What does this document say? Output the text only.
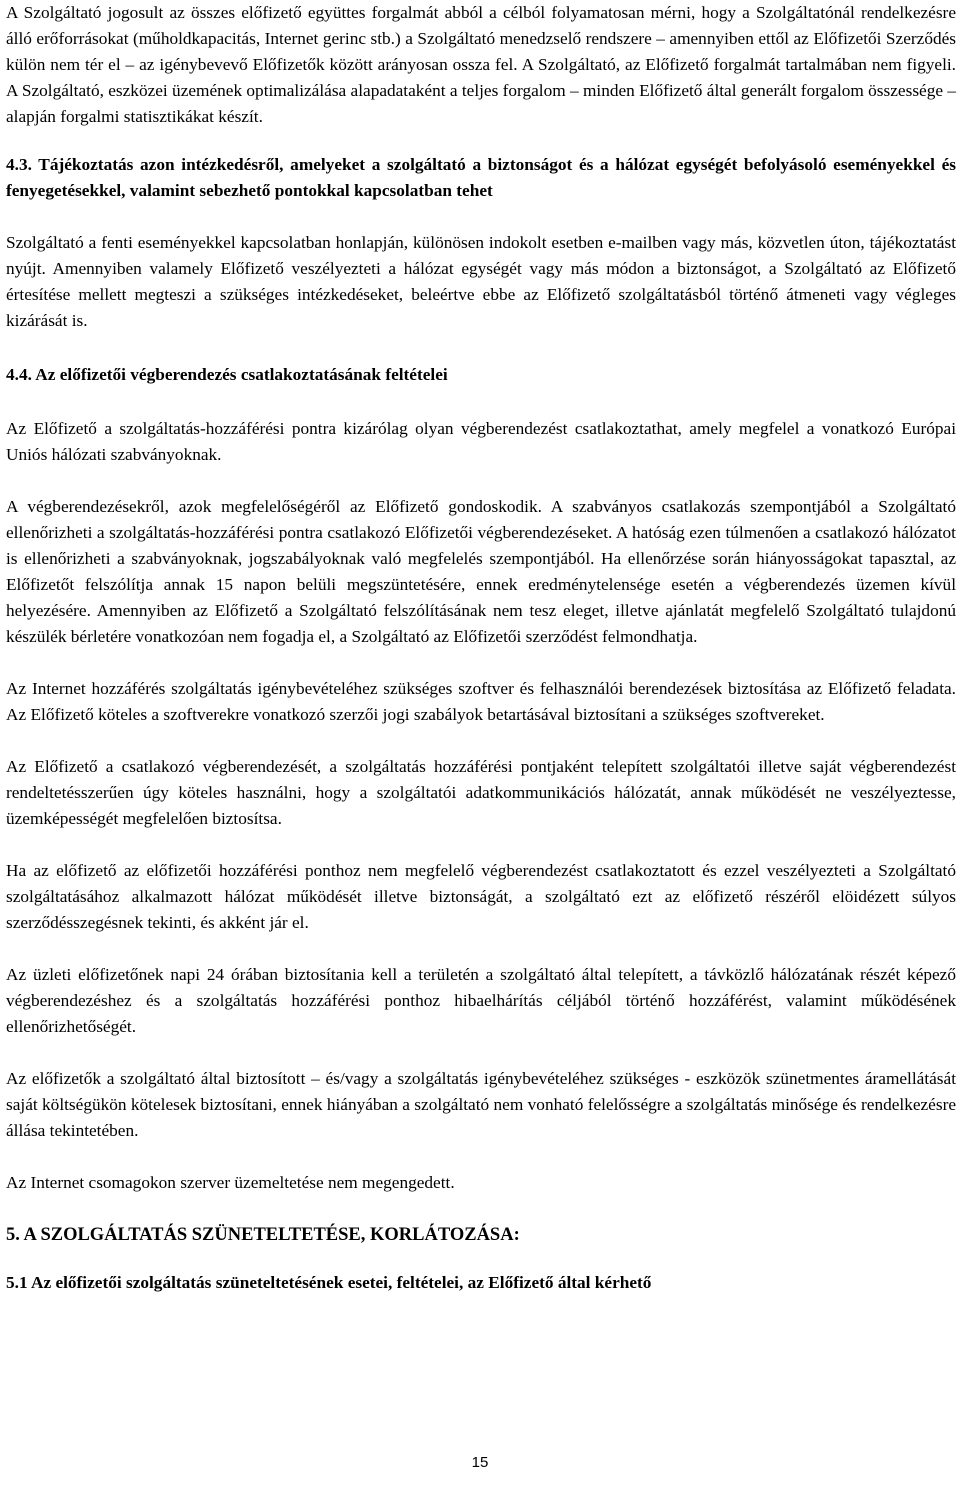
A Szolgáltató jogosult az összes előfizető együttes forgalmát abból a célból folyamatosan mérni, hogy a Szolgáltatónál rendelkezésre álló erőforrásokat (műholdkapacitás, Internet gerinc stb.) a Szolgáltató menedzselő rendszere – amennyiben ettől az Előfizetői Szerződés külön nem tér el – az igénybevevő Előfizetők között arányosan ossza fel. A Szolgáltató, az Előfizető forgalmát tartalmában nem figyeli. A Szolgáltató, eszközei üzemének optimalizálása alapadataként a teljes forgalom – minden Előfizető által generált forgalom összessége – alapján forgalmi statisztikákat készít.

4.3. Tájékoztatás azon intézkedésről, amelyeket a szolgáltató a biztonságot és a hálózat egységét befolyásoló eseményekkel és fenyegetésekkel, valamint sebezhető pontokkal kapcsolatban tehet

Szolgáltató a fenti eseményekkel kapcsolatban honlapján, különösen indokolt esetben e-mailben vagy más, közvetlen úton, tájékoztatást nyújt. Amennyiben valamely Előfizető veszélyezteti a hálózat egységét vagy más módon a biztonságot, a Szolgáltató az Előfizető értesítése mellett megteszi a szükséges intézkedéseket, beleértve ebbe az Előfizető szolgáltatásból történő átmeneti vagy végleges kizárását is.

4.4. Az előfizetői végberendezés csatlakoztatásának feltételei

Az Előfizető a szolgáltatás-hozzáférési pontra kizárólag olyan végberendezést csatlakoztathat, amely megfelel a vonatkozó Európai Uniós hálózati szabványoknak.

A végberendezésekről, azok megfelelőségéről az Előfizető gondoskodik. A szabványos csatlakozás szempontjából a Szolgáltató ellenőrizheti a szolgáltatás-hozzáférési pontra csatlakozó Előfizetői végberendezéseket. A hatóság ezen túlmenően a csatlakozó hálózatot is ellenőrizheti a szabványoknak, jogszabályoknak való megfelelés szempontjából. Ha ellenőrzése során hiányosságokat tapasztal, az Előfizetőt felszólítja annak 15 napon belüli megszüntetésére, ennek eredménytelensége esetén a végberendezés üzemen kívül helyezésére. Amennyiben az Előfizető a Szolgáltató felszólításának nem tesz eleget, illetve ajánlatát megfelelő Szolgáltató tulajdonú készülék bérletére vonatkozóan nem fogadja el, a Szolgáltató az Előfizetői szerződést felmondhatja.

Az Internet hozzáférés szolgáltatás igénybevételéhez szükséges szoftver és felhasználói berendezések biztosítása az Előfizető feladata. Az Előfizető köteles a szoftverekre vonatkozó szerzői jogi szabályok betartásával biztosítani a szükséges szoftvereket.

Az Előfizető a csatlakozó végberendezését, a szolgáltatás hozzáférési pontjaként telepített szolgáltatói illetve saját végberendezést rendeltetésszerűen úgy köteles használni, hogy a szolgáltatói adatkommunikációs hálózatát, annak működését ne veszélyeztesse, üzemképességét megfelelően biztosítsa.

Ha az előfizető az előfizetői hozzáférési ponthoz nem megfelelő végberendezést csatlakoztatott és ezzel veszélyezteti a Szolgáltató szolgáltatásához alkalmazott hálózat működését illetve biztonságát, a szolgáltató ezt az előfizető részéről elöidézett súlyos szerződésszegésnek tekinti, és akként jár el.

Az üzleti előfizetőnek napi 24 órában biztosítania kell a területén a szolgáltató által telepített, a távközlő hálózatának részét képező végberendezéshez és a szolgáltatás hozzáférési ponthoz hibaelhárítás céljából történő hozzáférést, valamint működésének ellenőrizhetőségét.

Az előfizetők a szolgáltató által biztosított – és/vagy a szolgáltatás igénybevételéhez szükséges - eszközök szünetmentes áramellátását saját költségükön kötelesek biztosítani, ennek hiányában a szolgáltató nem vonható felelősségre a szolgáltatás minősége és rendelkezésre állása tekintetében.

Az Internet csomagokon szerver üzemeltetése nem megengedett.

5. A SZOLGÁLTATÁS SZÜNETELTETÉSE, KORLÁTOZÁSA:

5.1 Az előfizetői szolgáltatás szüneteltetésének esetei, feltételei, az Előfizető által kérhető

15
